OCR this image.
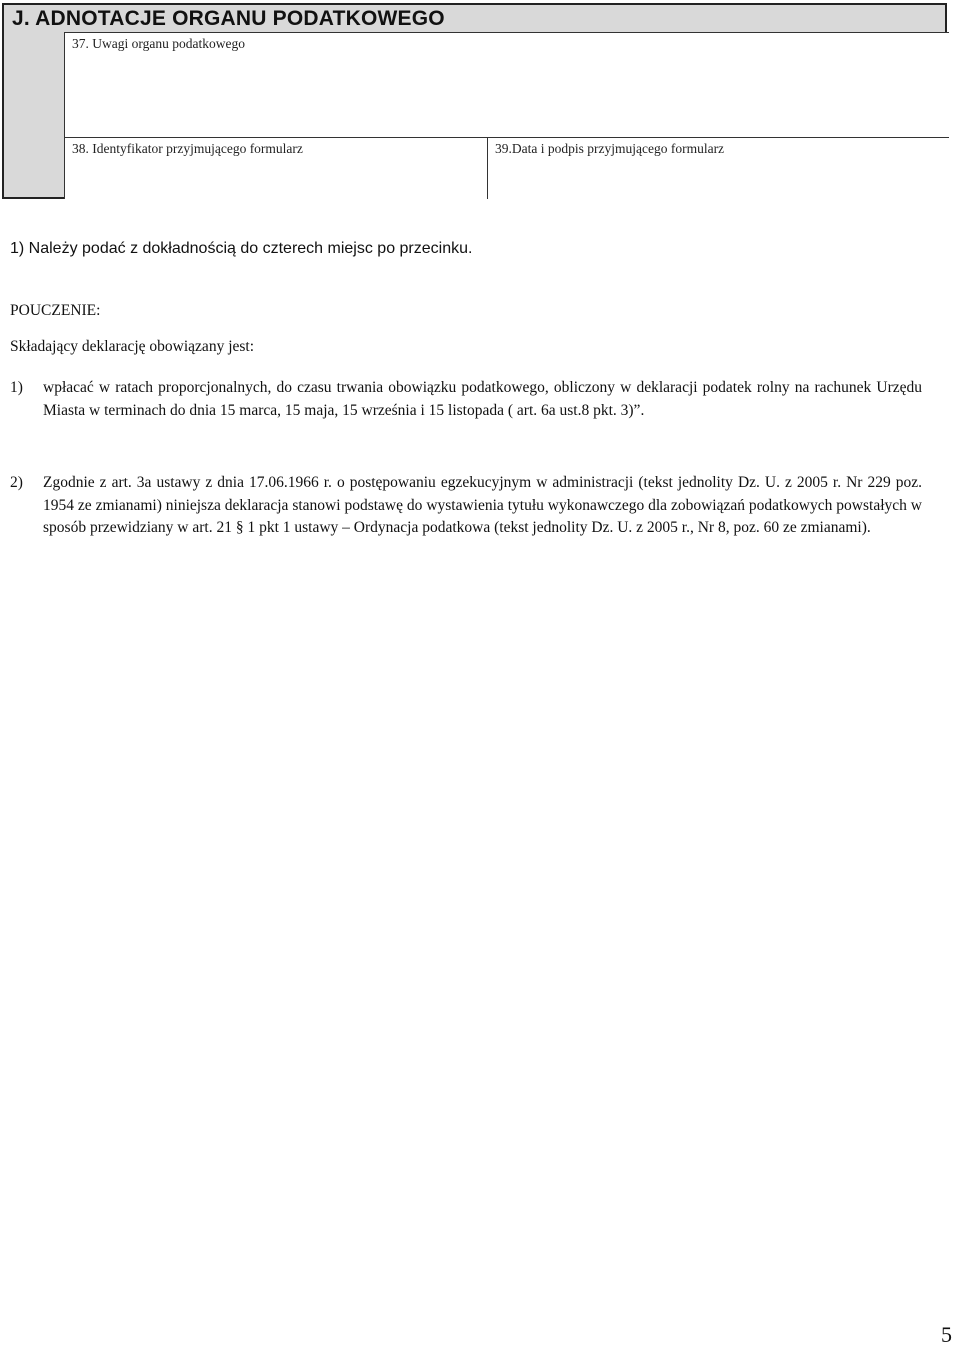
J. ADNOTACJE ORGANU PODATKOWEGO
37. Uwagi organu podatkowego
38. Identyfikator przyjmującego formularz	39.Data i podpis przyjmującego formularz
1) Należy podać z dokładnością do czterech miejsc po przecinku.
POUCZENIE:
Składający deklarację obowiązany jest:
1) wpłacać w ratach proporcjonalnych, do czasu trwania obowiązku podatkowego, obliczony w deklaracji podatek rolny na rachunek Urzędu Miasta w terminach do dnia 15 marca, 15 maja, 15 września i 15 listopada ( art. 6a ust.8 pkt. 3)”.
2) Zgodnie z art. 3a ustawy z dnia 17.06.1966 r. o postępowaniu egzekucyjnym w administracji (tekst jednolity Dz. U. z 2005 r. Nr 229 poz. 1954 ze zmianami) niniejsza deklaracja stanowi podstawę do wystawienia tytułu wykonawczego dla zobowiązań podatkowych powstałych w sposób przewidziany w art. 21 § 1 pkt 1 ustawy – Ordynacja podatkowa (tekst jednolity Dz. U. z 2005 r., Nr 8, poz. 60 ze zmianami).
5
